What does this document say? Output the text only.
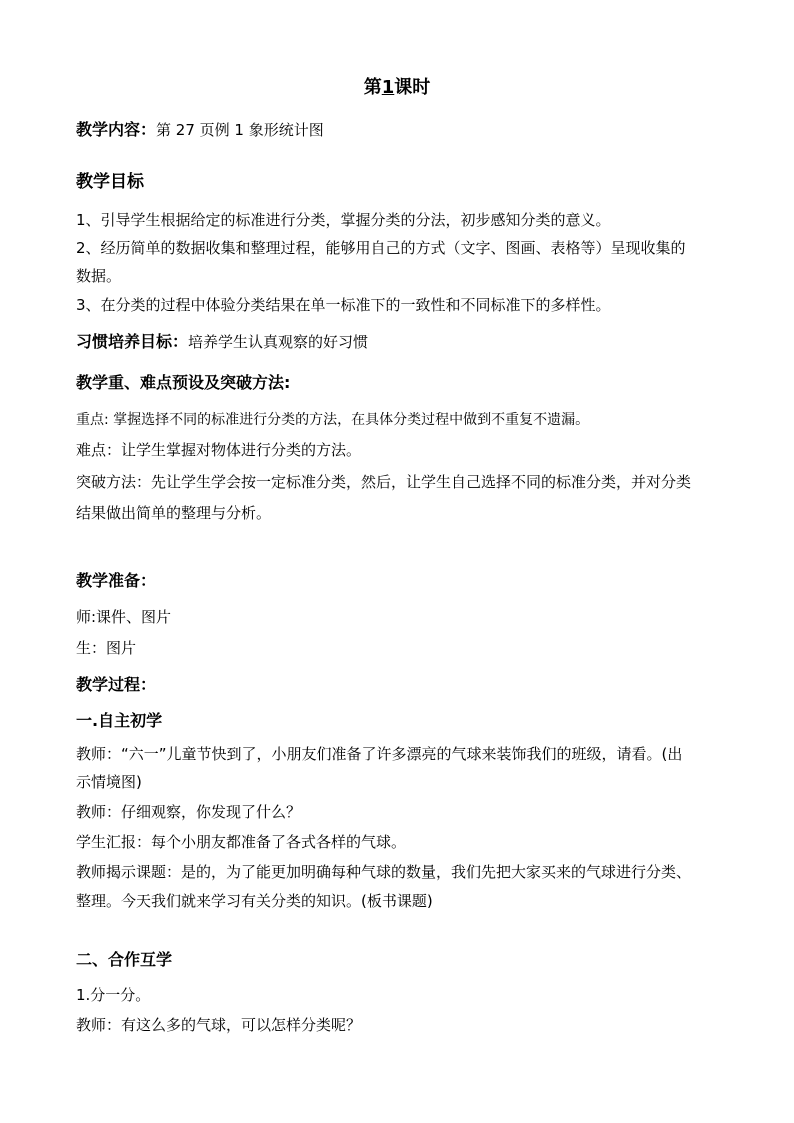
第1课时
教学内容：第 27 页例 1 象形统计图
教学目标
1、引导学生根据给定的标准进行分类，掌握分类的分法，初步感知分类的意义。
2、经历简单的数据收集和整理过程，能够用自己的方式（文字、图画、表格等）呈现收集的
数据。
3、在分类的过程中体验分类结果在单一标准下的一致性和不同标准下的多样性。
习惯培养目标：培养学生认真观察的好习惯
教学重、难点预设及突破方法:
重点: 掌握选择不同的标准进行分类的方法，在具体分类过程中做到不重复不遗漏。
难点：让学生掌握对物体进行分类的方法。
突破方法：先让学生学会按一定标准分类，然后，让学生自己选择不同的标准分类，并对分类
结果做出简单的整理与分析。
教学准备：
师:课件、图片
生：图片
教学过程：
一.自主初学
教师：“六一”儿童节快到了，小朋友们准备了许多漂亮的气球来装饰我们的班级，请看。(出
示情境图)
教师：仔细观察，你发现了什么？
学生汇报：每个小朋友都准备了各式各样的气球。
教师揭示课题：是的，为了能更加明确每种气球的数量，我们先把大家买来的气球进行分类、
整理。今天我们就来学习有关分类的知识。(板书课题)
二、合作互学
1.分一分。
教师：有这么多的气球，可以怎样分类呢？
